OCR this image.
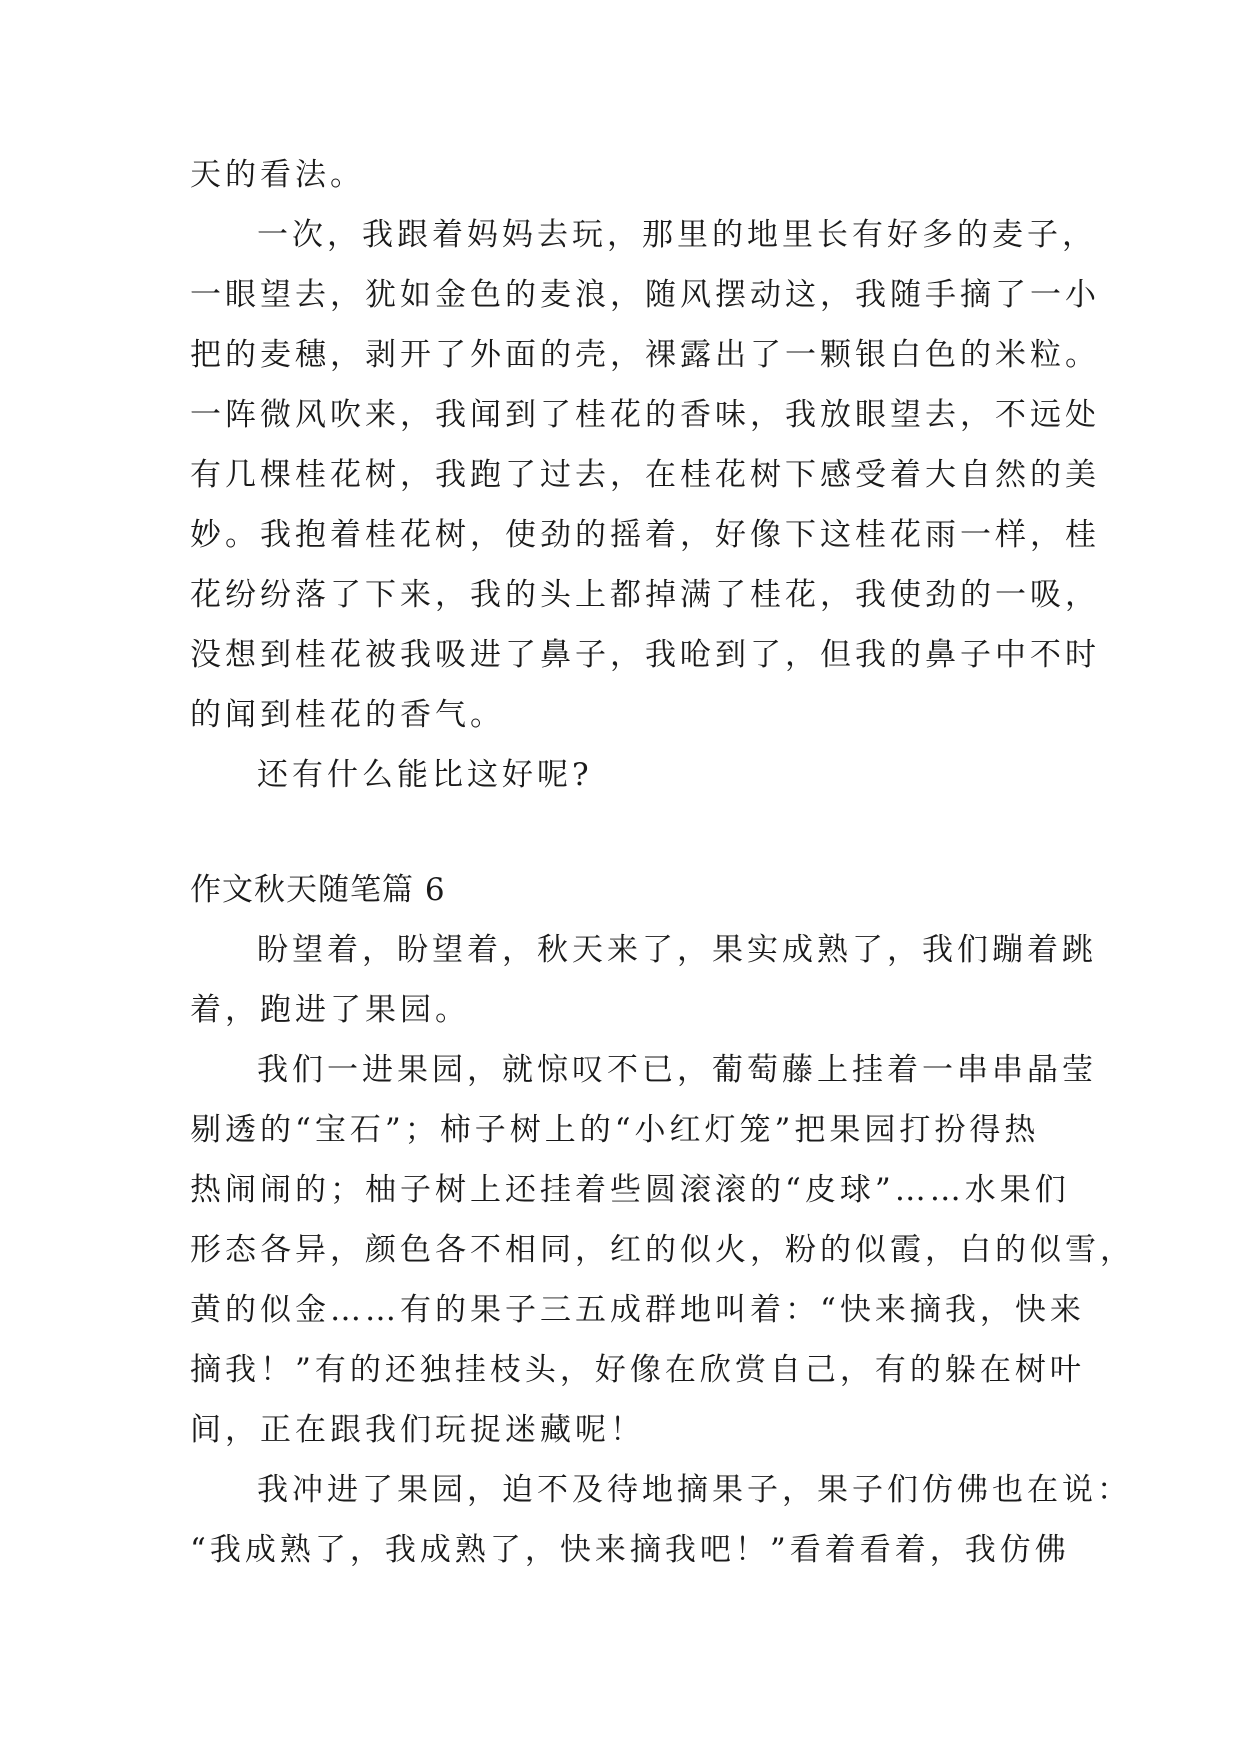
天的看法。
一次，我跟着妈妈去玩，那里的地里长有好多的麦子，
一眼望去，犹如金色的麦浪，随风摆动这，我随手摘了一小
把的麦穗，剥开了外面的壳，裸露出了一颗银白色的米粒。
一阵微风吹来，我闻到了桂花的香味，我放眼望去，不远处
有几棵桂花树，我跑了过去，在桂花树下感受着大自然的美
妙。我抱着桂花树，使劲的摇着，好像下这桂花雨一样，桂
花纷纷落了下来，我的头上都掉满了桂花，我使劲的一吸，
没想到桂花被我吸进了鼻子，我呛到了，但我的鼻子中不时
的闻到桂花的香气。
还有什么能比这好呢?
作文秋天随笔篇 6
盼望着，盼望着，秋天来了，果实成熟了，我们蹦着跳
着，跑进了果园。
我们一进果园，就惊叹不已，葡萄藤上挂着一串串晶莹
剔透的“宝石”；柿子树上的“小红灯笼”把果园打扮得热
热闹闹的；柚子树上还挂着些圆滚滚的“皮球”……水果们
形态各异，颜色各不相同，红的似火，粉的似霞，白的似雪，
黄的似金……有的果子三五成群地叫着：“快来摘我，快来
摘我！”有的还独挂枝头，好像在欣赏自己，有的躲在树叶
间，正在跟我们玩捉迷藏呢！
我冲进了果园，迫不及待地摘果子，果子们仿佛也在说：
“我成熟了，我成熟了，快来摘我吧！”看着看着，我仿佛
